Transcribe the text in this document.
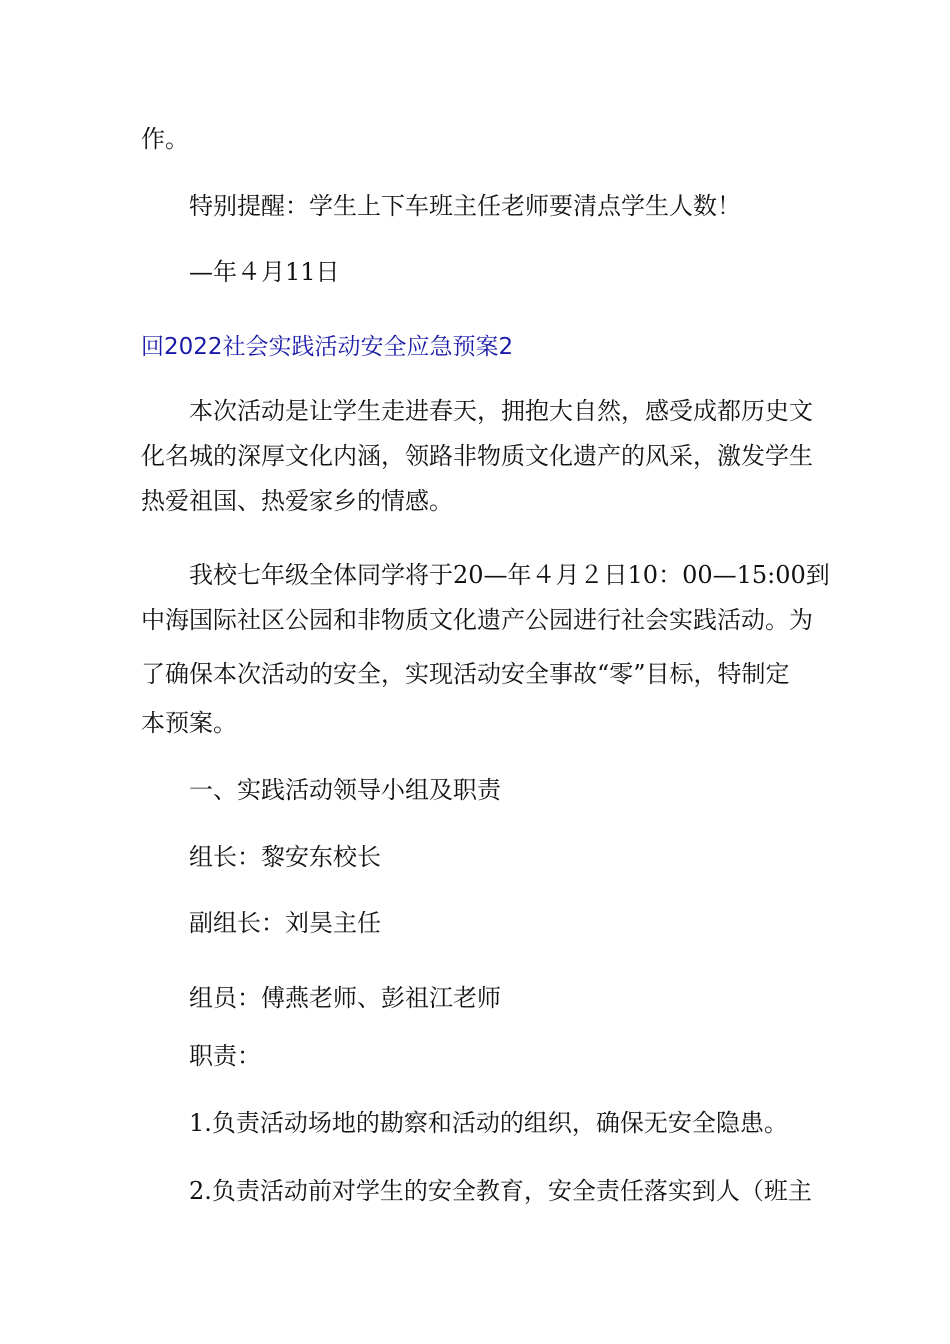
作。
特别提醒：学生上下车班主任老师要清点学生人数！
—年４月11日
回2022社会实践活动安全应急预案2
本次活动是让学生走进春天，拥抱大自然，感受成都历史文
化名城的深厚文化内涵，领路非物质文化遗产的风采，激发学生
热爱祖国、热爱家乡的情感。
我校七年级全体同学将于20—年４月２日10：00—15:00到
中海国际社区公园和非物质文化遗产公园进行社会实践活动。为
了确保本次活动的安全，实现活动安全事故“零”目标，特制定
本预案。
一、实践活动领导小组及职责
组长：黎安东校长
副组长：刘昊主任
组员：傅燕老师、彭祖江老师
职责：
1.负责活动场地的勘察和活动的组织，确保无安全隐患。
2.负责活动前对学生的安全教育，安全责任落实到人（班主
